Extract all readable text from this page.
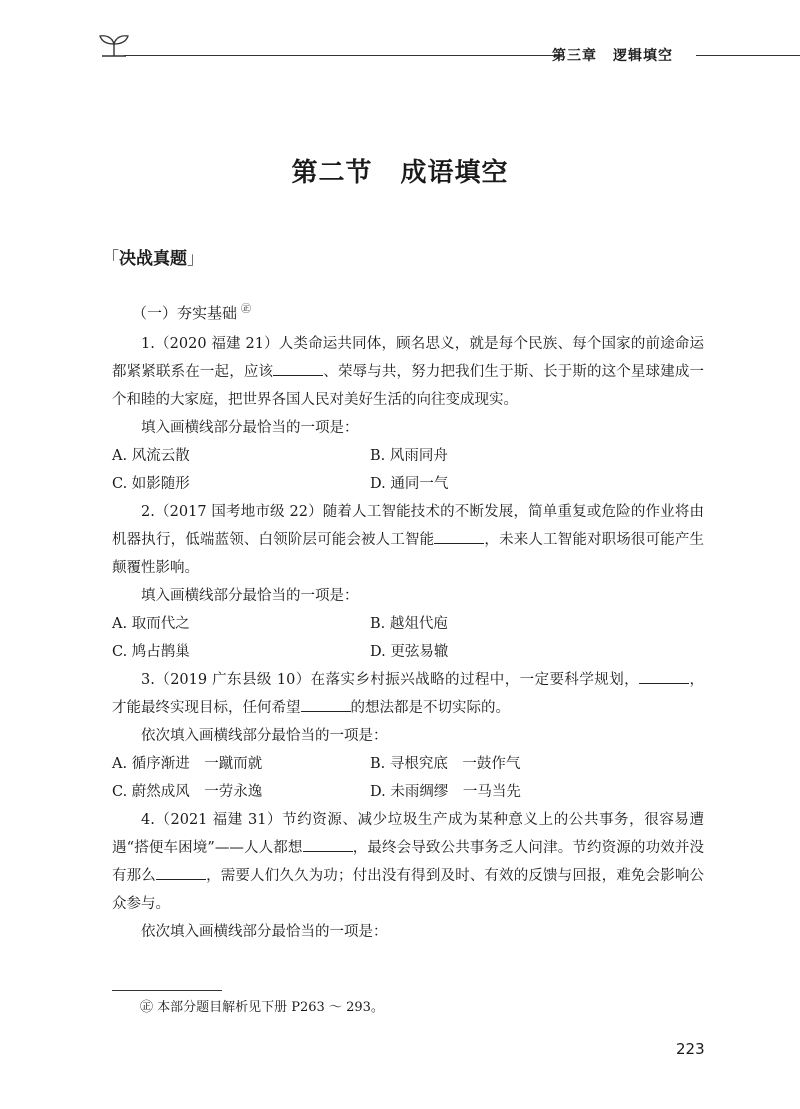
第三章 逻辑填空
第二节 成语填空
「决战真题」
（一）夯实基础 ㊣

1.（2020 福建 21）人类命运共同体，顾名思义，就是每个民族、每个国家的前途命运都紧紧联系在一起，应该	、荣辱与共，努力把我们生于斯、长于斯的这个星球建成一个和睦的大家庭，把世界各国人民对美好生活的向往变成现实。

填入画横线部分最恰当的一项是：

A. 风流云散	B. 风雨同舟
C. 如影随形	D. 通同一气

2.（2017 国考地市级 22）随着人工智能技术的不断发展，简单重复或危险的作业将由机器执行，低端蓝领、白领阶层可能会被人工智能	，未来人工智能对职场很可能产生颠覆性影响。

填入画横线部分最恰当的一项是：

A. 取而代之	B. 越俎代庖
C. 鸠占鹊巢	D. 更弦易辙

3.（2019 广东县级 10）在落实乡村振兴战略的过程中，一定要科学规划，	，才能最终实现目标，任何希望	的想法都是不切实际的。

依次填入画横线部分最恰当的一项是：

A. 循序渐进　一蹴而就	B. 寻根究底　一鼓作气
C. 蔚然成风　一劳永逸	D. 未雨绸缪　一马当先

4.（2021 福建 31）节约资源、减少垃圾生产成为某种意义上的公共事务，很容易遭遇“搭便车困境”——人人都想	，最终会导致公共事务乏人问津。节约资源的功效并没有那么	，需要人们久久为功；付出没有得到及时、有效的反馈与回报，难免会影响公众参与。

依次填入画横线部分最恰当的一项是：

㊣ 本部分题目解析见下册 P263 ～ 293。
223
